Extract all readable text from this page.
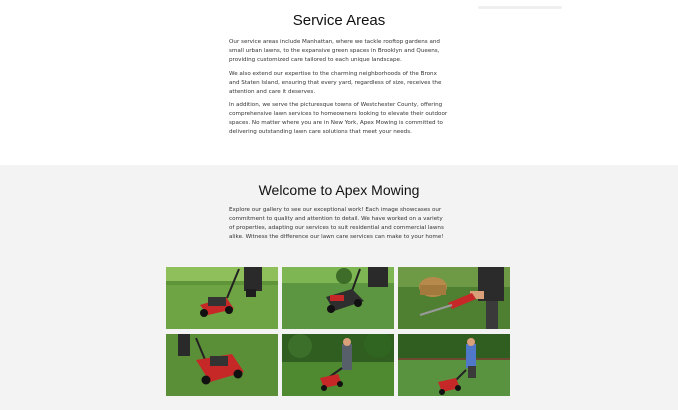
Service Areas

Our service areas include Manhattan, where we tackle rooftop gardens and small urban lawns, to the expansive green spaces in Brooklyn and Queens, providing customized care tailored to each unique landscape.

We also extend our expertise to the charming neighborhoods of the Bronx and Staten Island, ensuring that every yard, regardless of size, receives the attention and care it deserves.

In addition, we serve the picturesque towns of Westchester County, offering comprehensive lawn services to homeowners looking to elevate their outdoor spaces. No matter where you are in New York, Apex Mowing is committed to delivering outstanding lawn care solutions that meet your needs.

Welcome to Apex Mowing

Explore our gallery to see our exceptional work! Each image showcases our commitment to quality and attention to detail. We have worked on a variety of properties, adapting our services to suit residential and commercial lawns alike. Witness the difference our lawn care services can make to your home!
